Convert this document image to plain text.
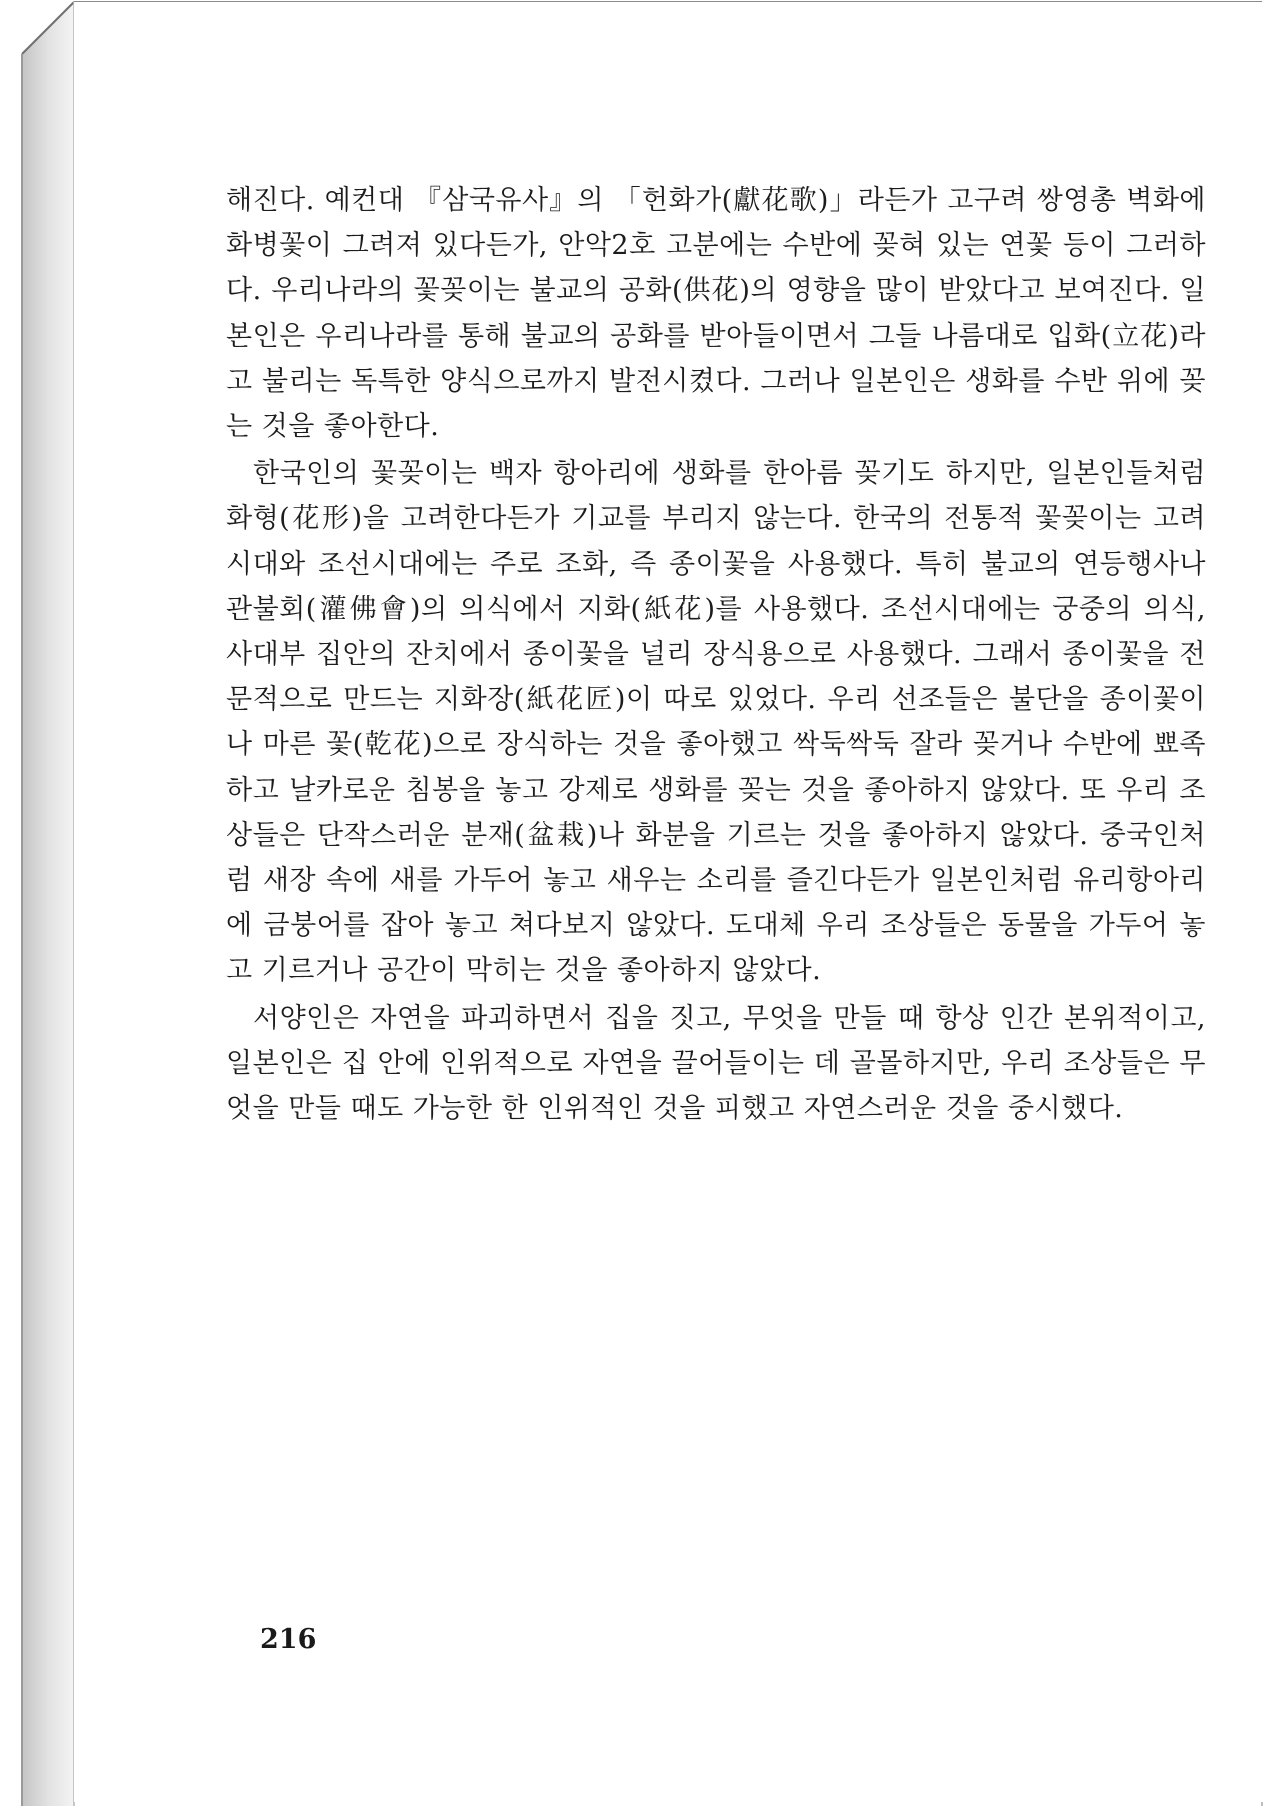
해진다. 예컨대 『삼국유사』의 「헌화가(獻花歌)」라든가 고구려 쌍영총 벽화에 화병꽃이 그려져 있다든가, 안악2호 고분에는 수반에 꽂혀 있는 연꽃 등이 그러하다. 우리나라의 꽃꽂이는 불교의 공화(供花)의 영향을 많이 받았다고 보여진다. 일본인은 우리나라를 통해 불교의 공화를 받아들이면서 그들 나름대로 입화(立花)라고 불리는 독특한 양식으로까지 발전시켰다. 그러나 일본인은 생화를 수반 위에 꽂는 것을 좋아한다.

한국인의 꽃꽂이는 백자 항아리에 생화를 한아름 꽂기도 하지만, 일본인들처럼 화형(花形)을 고려한다든가 기교를 부리지 않는다. 한국의 전통적 꽃꽂이는 고려시대와 조선시대에는 주로 조화, 즉 종이꽃을 사용했다. 특히 불교의 연등행사나 관불회(灌佛會)의 의식에서 지화(紙花)를 사용했다. 조선시대에는 궁중의 의식, 사대부 집안의 잔치에서 종이꽃을 널리 장식용으로 사용했다. 그래서 종이꽃을 전문적으로 만드는 지화장(紙花匠)이 따로 있었다. 우리 선조들은 불단을 종이꽃이나 마른 꽃(乾花)으로 장식하는 것을 좋아했고 싹둑싹둑 잘라 꽂거나 수반에 뾰족하고 날카로운 침봉을 놓고 강제로 생화를 꽂는 것을 좋아하지 않았다. 또 우리 조상들은 단작스러운 분재(盆栽)나 화분을 기르는 것을 좋아하지 않았다. 중국인처럼 새장 속에 새를 가두어 놓고 새우는 소리를 즐긴다든가 일본인처럼 유리항아리에 금붕어를 잡아 놓고 쳐다보지 않았다. 도대체 우리 조상들은 동물을 가두어 놓고 기르거나 공간이 막히는 것을 좋아하지 않았다.

서양인은 자연을 파괴하면서 집을 짓고, 무엇을 만들 때 항상 인간 본위적이고, 일본인은 집 안에 인위적으로 자연을 끌어들이는 데 골몰하지만, 우리 조상들은 무엇을 만들 때도 가능한 한 인위적인 것을 피했고 자연스러운 것을 중시했다.

216
